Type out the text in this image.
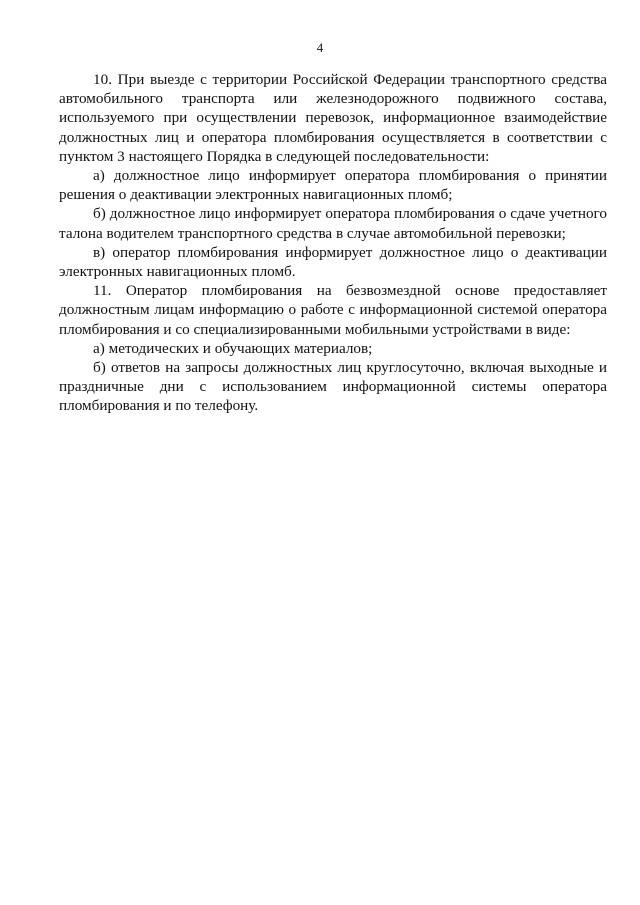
4

10. При выезде с территории Российской Федерации транспортного средства автомобильного транспорта или железнодорожного подвижного состава, используемого при осуществлении перевозок, информационное взаимодействие должностных лиц и оператора пломбирования осуществляется в соответствии с пунктом 3 настоящего Порядка в следующей последовательности:

а) должностное лицо информирует оператора пломбирования о принятии решения о деактивации электронных навигационных пломб;

б) должностное лицо информирует оператора пломбирования о сдаче учетного талона водителем транспортного средства в случае автомобильной перевозки;

в) оператор пломбирования информирует должностное лицо о деактивации электронных навигационных пломб.

11. Оператор пломбирования на безвозмездной основе предоставляет должностным лицам информацию о работе с информационной системой оператора пломбирования и со специализированными мобильными устройствами в виде:

а) методических и обучающих материалов;

б) ответов на запросы должностных лиц круглосуточно, включая выходные и праздничные дни с использованием информационной системы оператора пломбирования и по телефону.
